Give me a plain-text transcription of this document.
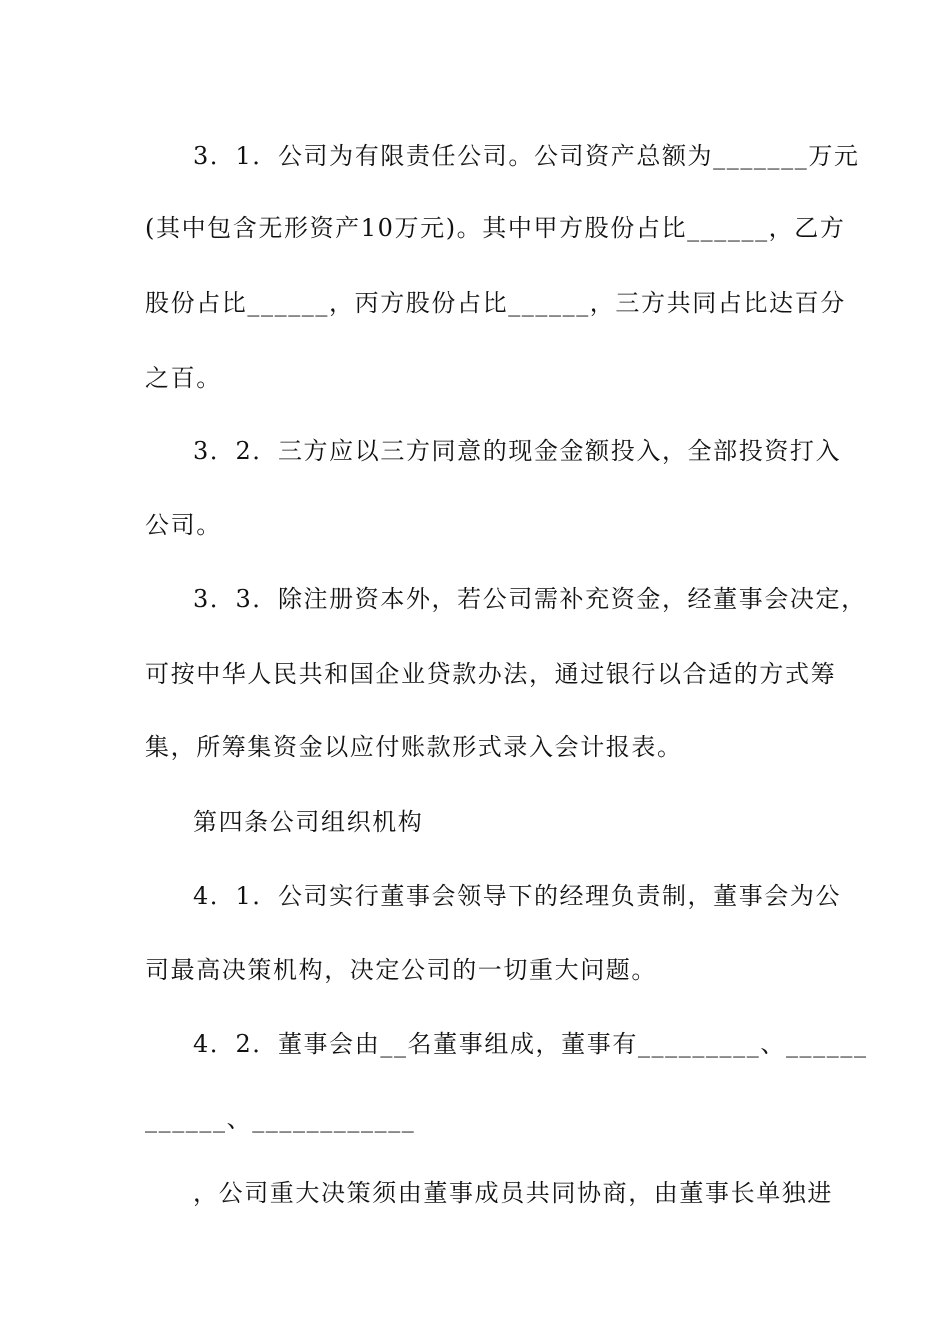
3．1．公司为有限责任公司。公司资产总额为_______万元
(其中包含无形资产10万元)。其中甲方股份占比______，乙方
股份占比______，丙方股份占比______，三方共同占比达百分
之百。
3．2．三方应以三方同意的现金金额投入，全部投资打入
公司。
3．3．除注册资本外，若公司需补充资金，经董事会决定，
可按中华人民共和国企业贷款办法，通过银行以合适的方式筹
集，所筹集资金以应付账款形式录入会计报表。
第四条公司组织机构
4．1．公司实行董事会领导下的经理负责制，董事会为公
司最高决策机构，决定公司的一切重大问题。
4．2．董事会由__名董事组成，董事有_________、______
______、____________
，公司重大决策须由董事成员共同协商，由董事长单独进
